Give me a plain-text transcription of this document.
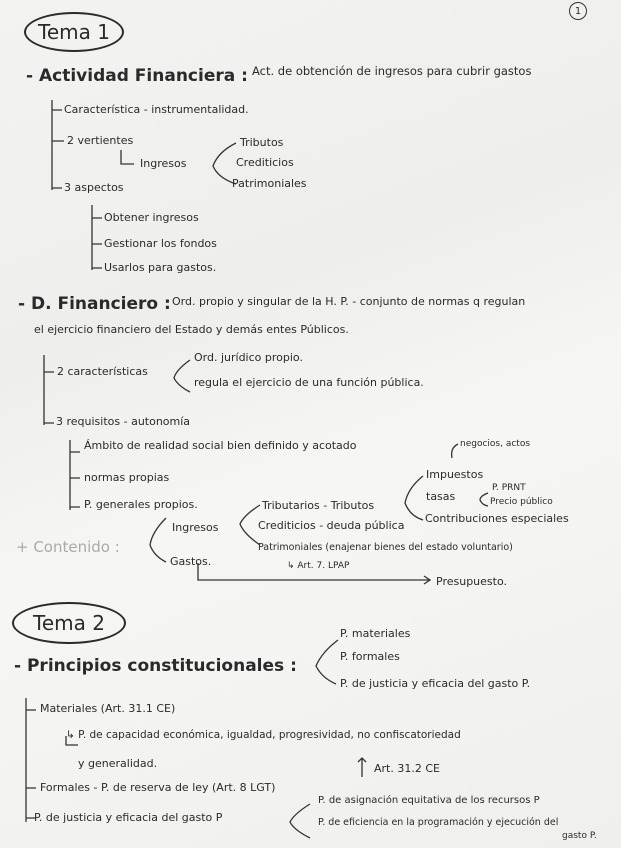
1
Tema 1
- Actividad Financiera : Act. de obtención de ingresos para cubrir gastos
Característica - instrumentalidad.
2 vertientes
Ingresos
Tributos
Crediticios
Patrimoniales
3 aspectos
Obtener ingresos
Gestionar los fondos
Usarlos para gastos.
- D. Financiero : Ord. propio y singular de la H. P. - conjunto de normas q regulan
el ejercicio financiero del Estado y demás entes Públicos.
2 características
Ord. jurídico propio.
regula el ejercicio de una función pública.
3 requisitos - autonomía
Ámbito de realidad social bien definido y acotado
normas propias
P. generales propios.
negocios, actos
Impuestos
tasas
P. PRNT
Precio público
Contribuciones especiales
Tributarios - Tributos
Crediticios - deuda pública
Patrimoniales (enajenar bienes del estado voluntario)
↳ Art. 7. LPAP
+ Contenido :
Ingresos
Gastos.
Presupuesto.
Tema 2
- Principios constitucionales :
P. materiales
P. formales
P. de justicia y eficacia del gasto P.
Materiales (Art. 31.1 CE)
↳ P. de capacidad económica, igualdad, progresividad, no confiscatoriedad
y generalidad.	Art. 31.2 CE
Formales - P. de reserva de ley (Art. 8 LGT)
P. de justicia y eficacia del gasto P
P. de asignación equitativa de los recursos P
P. de eficiencia en la programación y ejecución del
gasto P.
